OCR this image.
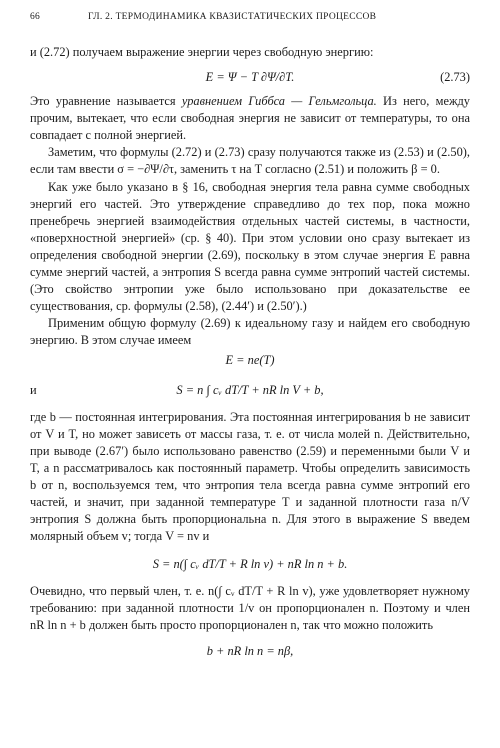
66	ГЛ. 2. ТЕРМОДИНАМИКА КВАЗИСТАТИЧЕСКИХ ПРОЦЕССОВ

и (2.72) получаем выражение энергии через свободную энергию:

E = Ψ − T ∂Ψ/∂T.	(2.73)

Это уравнение называется уравнением Гиббса — Гельмгольца. Из него, между прочим, вытекает, что если свободная энергия не зависит от температуры, то она совпадает с полной энергией.

Заметим, что формулы (2.72) и (2.73) сразу получаются также из (2.53) и (2.50), если там ввести σ = −∂Ψ/∂τ, заменить τ на T согласно (2.51) и положить β = 0.

Как уже было указано в § 16, свободная энергия тела равна сумме свободных энергий его частей. Это утверждение справедливо до тех пор, пока можно пренебречь энергией взаимодействия отдельных частей системы, в частности, «поверхностной энергией» (ср. § 40). При этом условии оно сразу вытекает из определения свободной энергии (2.69), поскольку в этом случае энергия E равна сумме энергий частей, а энтропия S всегда равна сумме энтропий частей системы. (Это свойство энтропии уже было использовано при доказательстве ее существования, ср. формулы (2.58), (2.44′) и (2.50′).)

Применим общую формулу (2.69) к идеальному газу и найдем его свободную энергию. В этом случае имеем

E = ne(T)
и	S = n ∫ cᵥ dT/T + nR ln V + b,

где b — постоянная интегрирования. Эта постоянная интегрирования b не зависит от V и T, но может зависеть от массы газа, т. е. от числа молей n. Действительно, при выводе (2.67′) было использовано равенство (2.59) и переменными были V и T, а n рассматривалось как постоянный параметр. Чтобы определить зависимость b от n, воспользуемся тем, что энтропия тела всегда равна сумме энтропий его частей, и значит, при заданной температуре T и заданной плотности газа n/V энтропия S должна быть пропорциональна n. Для этого в выражение S введем молярный объем v; тогда V = nv и

S = n(∫ cᵥ dT/T + R ln v) + nR ln n + b.

Очевидно, что первый член, т. е. n(∫ cᵥ dT/T + R ln v), уже удовлетворяет нужному требованию: при заданной плотности 1/v он пропорционален n. Поэтому и член nR ln n + b должен быть просто пропорционален n, так что можно положить

b + nR ln n = nβ,
